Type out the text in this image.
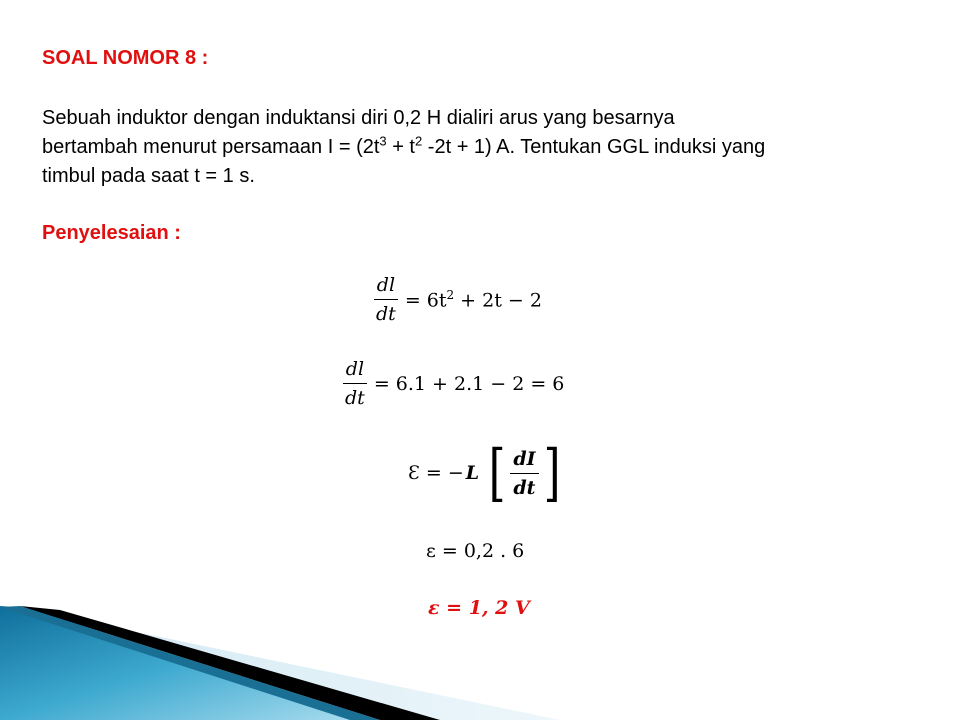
SOAL NOMOR 8 :

Sebuah induktor dengan induktansi diri 0,2 H dialiri arus yang besarnya
bertambah menurut persamaan $I = (2t^3 + t^2$ -2t + 1) A. Tentukan GGL induksi yang
timbul pada saat t = 1 s.

Penyelesaian :

$\frac{dl}{dt} = 6t^2 + 2t - 2$
$\frac{dl}{dt} = 6.1 + 2.1 - 2 = 6$
Ɛ = − L [ $\frac{dI}{dt}$ ]
ε = 0,2 . 6
ε = 1, 2 V
